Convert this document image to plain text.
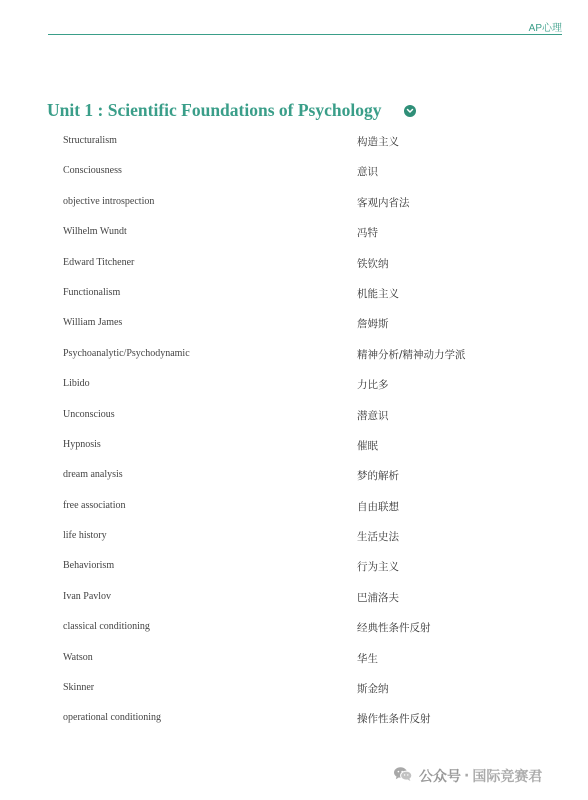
AP心理
Unit 1 : Scientific Foundations of Psychology
Structuralism	构造主义
Consciousness	意识
objective introspection	客观内省法
Wilhelm Wundt	冯特
Edward Titchener	铁钦纳
Functionalism	机能主义
William James	詹姆斯
Psychoanalytic/Psychodynamic	精神分析/精神动力学派
Libido	力比多
Unconscious	潜意识
Hypnosis	催眠
dream analysis	梦的解析
free association	自由联想
life history	生活史法
Behaviorism	行为主义
Ivan Pavlov	巴浦洛夫
classical conditioning	经典性条件反射
Watson	华生
Skinner	斯金纳
operational conditioning	操作性条件反射
公众号 · 国际竞赛君
